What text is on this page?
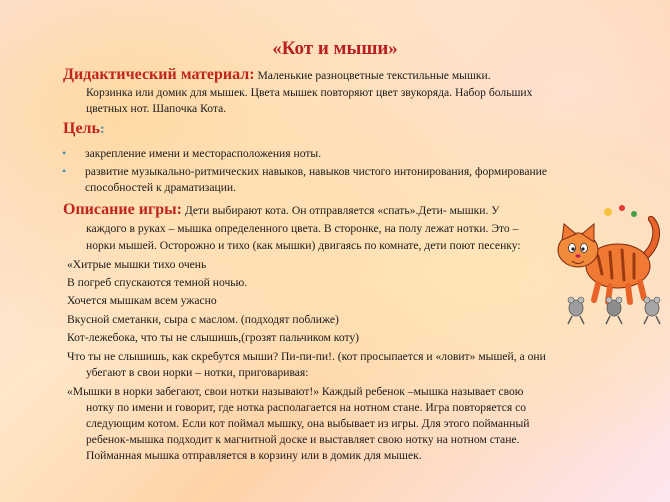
«Кот и мыши»
Дидактический материал: Маленькие разноцветные текстильные мышки.
Корзинка или домик для мышек. Цвета мышек повторяют цвет звукоряда. Набор больших
цветных нот. Шапочка Кота.
Цель:
• закрепление имени и месторасположения ноты.
• развитие музыкально-ритмических навыков, навыков чистого интонирования, формирование
способностей к драматизации.
Описание игры: Дети выбирают кота. Он отправляется «спать».Дети- мышки. У
каждого в руках – мышка определенного цвета. В сторонке, на полу лежат нотки. Это –
норки мышей. Осторожно и тихо (как мышки) двигаясь по комнате, дети поют песенку:
«Хитрые мышки тихо очень
В погреб спускаются темной ночью.
Хочется мышкам всем ужасно
Вкусной сметанки, сыра с маслом. (подходят поближе)
Кот-лежебока, что ты не слышишь,(грозят пальчиком коту)
Что ты не слышишь, как скребутся мыши? Пи-пи-пи!. (кот просыпается и «ловит» мышей, а они
убегают в свои норки – нотки, приговаривая:
«Мышки в норки забегают, свои нотки называют!» Каждый ребенок –мышка называет свою
нотку по имени и говорит, где нотка располагается на нотном стане. Игра повторяется со
следующим котом. Если кот поймал мышку, она выбывает из игры. Для этого пойманный
ребенок-мышка подходит к магнитной доске и выставляет свою нотку на нотном стане.
Пойманная мышка отправляется в корзину или в домик для мышек.
